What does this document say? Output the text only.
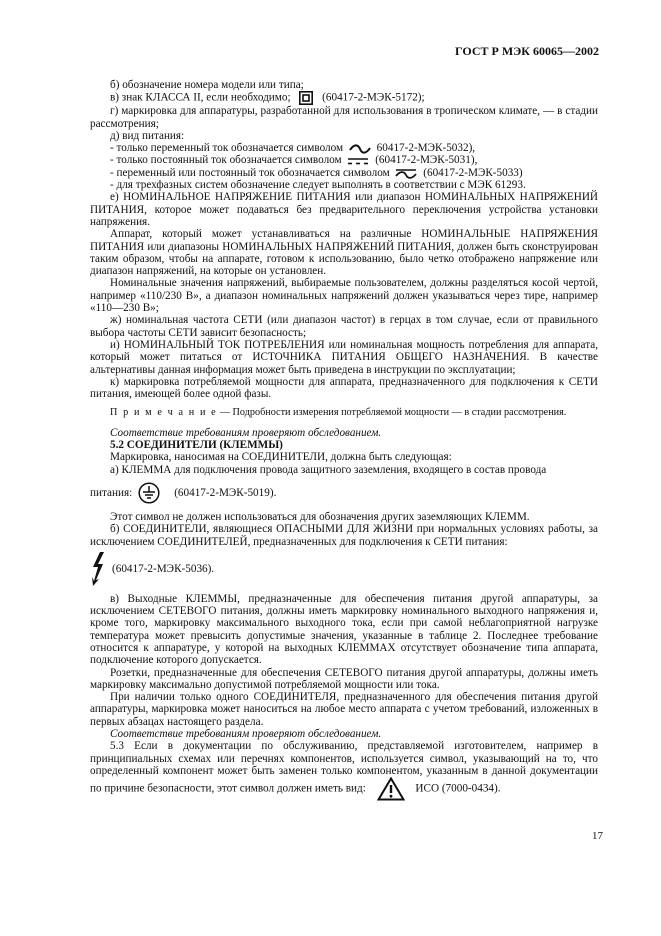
ГОСТ Р МЭК 60065—2002

б) обозначение номера модели или типа;

в) знак КЛАССА II, если необходимо;	(60417-2-МЭК-5172);

г) маркировка для аппаратуры, разработанной для использования в тропическом климате, — в стадии рассмотрения;

д) вид питания:

- только переменный ток обозначается символом	60417-2-МЭК-5032),

- только постоянный ток обозначается символом	(60417-2-МЭК-5031),

- переменный или постоянный ток обозначается символом	(60417-2-МЭК-5033)

- для трехфазных систем обозначение следует выполнять в соответствии с МЭК 61293.

е) НОМИНАЛЬНОЕ НАПРЯЖЕНИЕ ПИТАНИЯ или диапазон НОМИНАЛЬНЫХ НАПРЯЖЕНИЙ ПИТАНИЯ, которое может подаваться без предварительного переключения устройства установки напряжения.

Аппарат, который может устанавливаться на различные НОМИНАЛЬНЫЕ НАПРЯЖЕНИЯ ПИТАНИЯ или диапазоны НОМИНАЛЬНЫХ НАПРЯЖЕНИЙ ПИТАНИЯ, должен быть сконструирован таким образом, чтобы на аппарате, готовом к использованию, было четко отображено напряжение или диапазон напряжений, на которые он установлен.

Номинальные значения напряжений, выбираемые пользователем, должны разделяться косой чертой, например «110/230 В», а диапазон номинальных напряжений должен указываться через тире, например «110—230 В»;

ж) номинальная частота СЕТИ (или диапазон частот) в герцах в том случае, если от правильного выбора частоты СЕТИ зависит безопасность;

и) НОМИНАЛЬНЫЙ ТОК ПОТРЕБЛЕНИЯ или номинальная мощность потребления для аппарата, который может питаться от ИСТОЧНИКА ПИТАНИЯ ОБЩЕГО НАЗНАЧЕНИЯ. В качестве альтернативы данная информация может быть приведена в инструкции по эксплуатации;

к) маркировка потребляемой мощности для аппарата, предназначенного для подключения к СЕТИ питания, имеющей более одной фазы.

П р и м е ч а н и е — Подробности измерения потребляемой мощности — в стадии рассмотрения.

Соответствие требованиям проверяют обследованием.

5.2 СОЕДИНИТЕЛИ (КЛЕММЫ)

Маркировка, наносимая на СОЕДИНИТЕЛИ, должна быть следующая:

а) КЛЕММА для подключения провода защитного заземления, входящего в состав провода

питания:	(60417-2-МЭК-5019).

Этот символ не должен использоваться для обозначения других заземляющих КЛЕММ.

б) СОЕДИНИТЕЛИ, являющиеся ОПАСНЫМИ ДЛЯ ЖИЗНИ при нормальных условиях работы, за исключением СОЕДИНИТЕЛЕЙ, предназначенных для подключения к СЕТИ питания:

(60417-2-МЭК-5036).

в) Выходные КЛЕММЫ, предназначенные для обеспечения питания другой аппаратуры, за исключением СЕТЕВОГО питания, должны иметь маркировку номинального выходного напряжения и, кроме того, маркировку максимального выходного тока, если при самой неблагоприятной нагрузке температура может превысить допустимые значения, указанные в таблице 2. Последнее требование относится к аппаратуре, у которой на выходных КЛЕММАХ отсутствует обозначение типа аппарата, подключение которого допускается.

Розетки, предназначенные для обеспечения СЕТЕВОГО питания другой аппаратуры, должны иметь маркировку максимально допустимой потребляемой мощности или тока.

При наличии только одного СОЕДИНИТЕЛЯ, предназначенного для обеспечения питания другой аппаратуры, маркировка может наноситься на любое место аппарата с учетом требований, изложенных в первых абзацах настоящего раздела.

Соответствие требованиям проверяют обследованием.

5.3 Если в документации по обслуживанию, представляемой изготовителем, например в принципиальных схемах или перечнях компонентов, используется символ, указывающий на то, что определенный компонент может быть заменен только компонентом, указанным в данной документации по причине безопасности, этот символ должен иметь вид:	ИСО (7000-0434).

17
